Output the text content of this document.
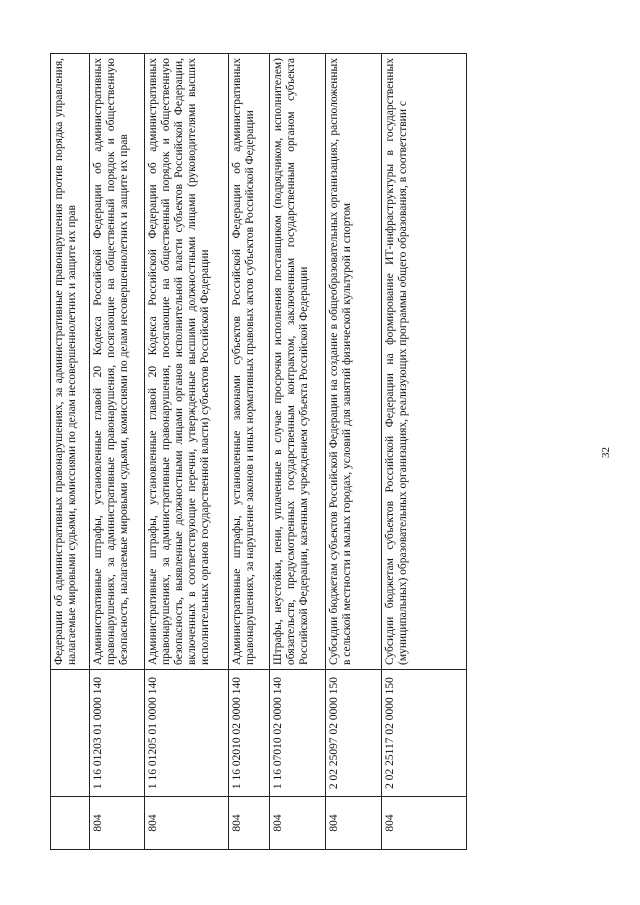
32
		Федерации об административных правонарушениях, за административные правонарушения против порядка управления, налагаемые мировыми судьями, комиссиями по делам несовершеннолетних и защите их прав
804	1 16 01203 01 0000 140	Административные штрафы, установленные главой 20 Кодекса Российской Федерации об административных правонарушениях, за административные правонарушения, посягающие на общественный порядок и общественную безопасность, налагаемые мировыми судьями, комиссиями по делам несовершеннолетних и защите их прав
804	1 16 01205 01 0000 140	Административные штрафы, установленные главой 20 Кодекса Российской Федерации об административных правонарушениях, за административные правонарушения, посягающие на общественный порядок и общественную безопасность, выявленные должностными лицами органов исполнительной власти субъектов Российской Федерации, включенных в соответствующие перечни, утвержденные высшими должностными лицами (руководителями высших исполнительных органов государственной власти) субъектов Российской Федерации
804	1 16 02010 02 0000 140	Административные штрафы, установленные законами субъектов Российской Федерации об административных правонарушениях, за нарушение законов и иных нормативных правовых актов субъектов Российской Федерации
804	1 16 07010 02 0000 140	Штрафы, неустойки, пени, уплаченные в случае просрочки исполнения поставщиком (подрядчиком, исполнителем) обязательств, предусмотренных государственным контрактом, заключенным государственным органом субъекта Российской Федерации, казенным учреждением субъекта Российской Федерации
804	2 02 25097 02 0000 150	Субсидии бюджетам субъектов Российской Федерации на создание в общеобразовательных организациях, расположенных в сельской местности и малых городах, условий для занятий физической культурой и спортом
804	2 02 25117 02 0000 150	Субсидии бюджетам субъектов Российской Федерации на формирование ИТ-инфраструктуры в государственных (муниципальных) образовательных организациях, реализующих программы общего образования, в соответствии с
